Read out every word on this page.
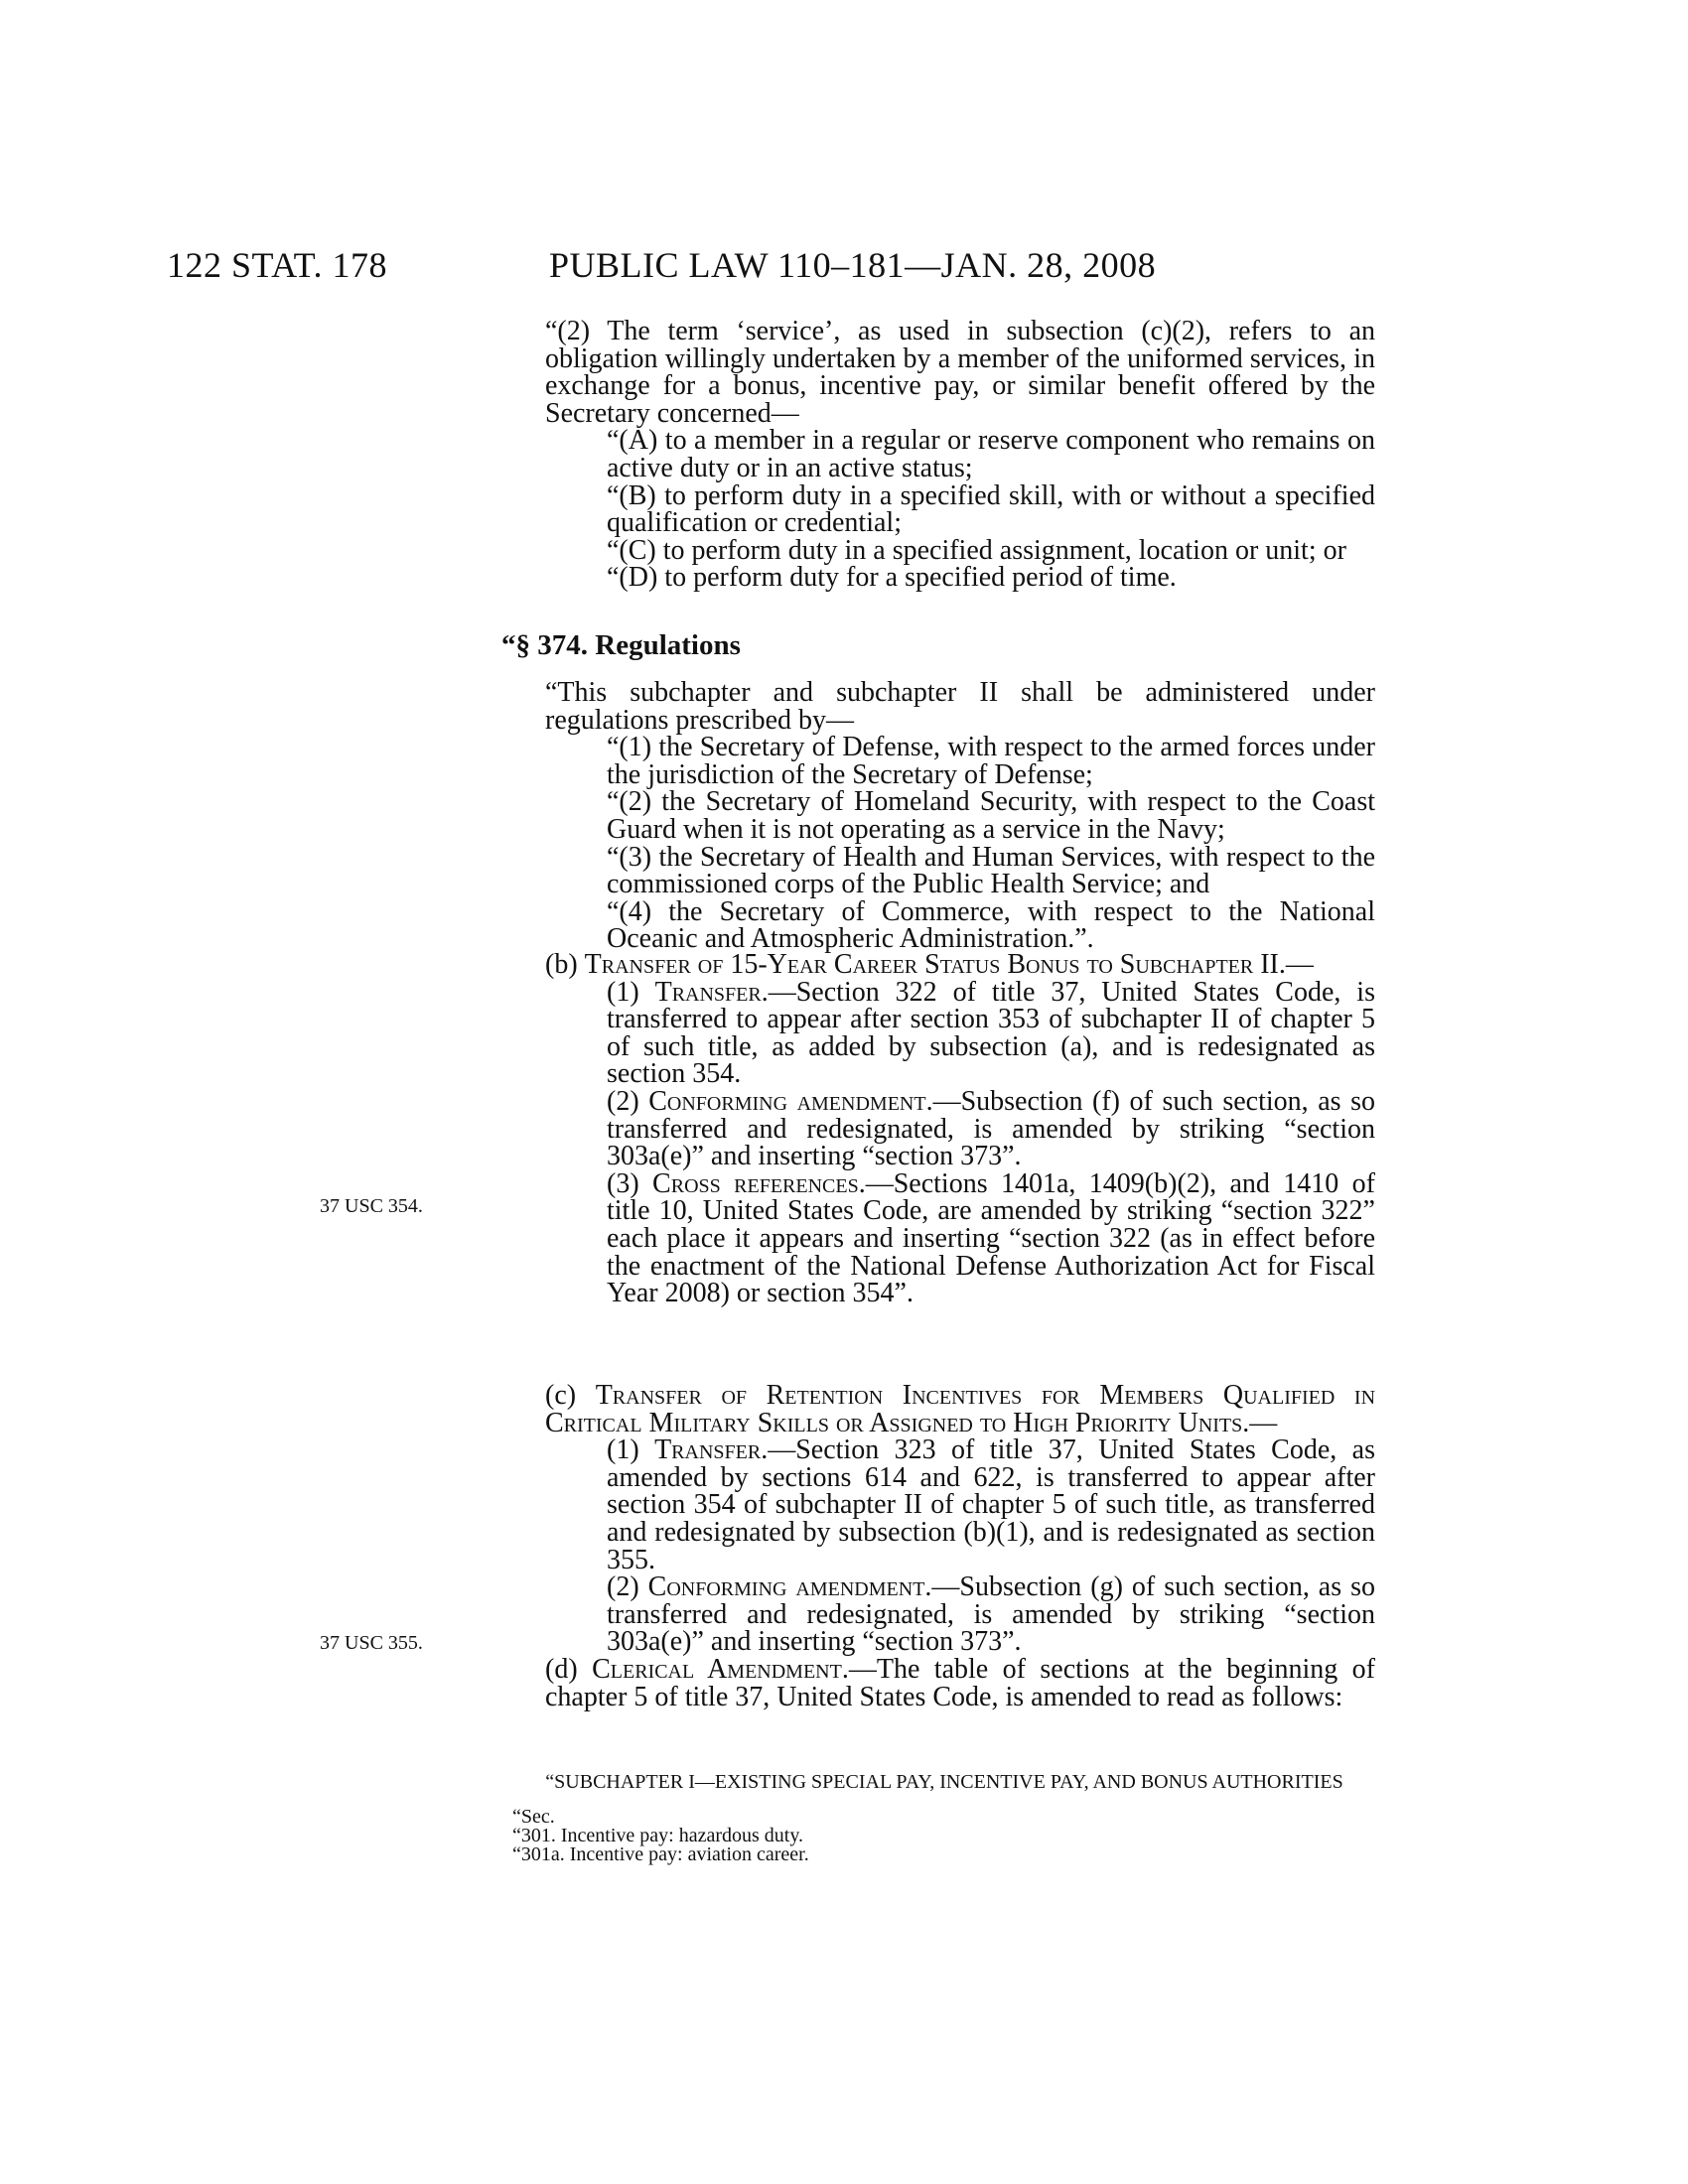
122 STAT. 178	PUBLIC LAW 110–181—JAN. 28, 2008
“(2) The term ‘service’, as used in subsection (c)(2), refers to an obligation willingly undertaken by a member of the uniformed services, in exchange for a bonus, incentive pay, or similar benefit offered by the Secretary concerned—
“(A) to a member in a regular or reserve component who remains on active duty or in an active status;
“(B) to perform duty in a specified skill, with or without a specified qualification or credential;
“(C) to perform duty in a specified assignment, location or unit; or
“(D) to perform duty for a specified period of time.
“§ 374. Regulations
“This subchapter and subchapter II shall be administered under regulations prescribed by—
“(1) the Secretary of Defense, with respect to the armed forces under the jurisdiction of the Secretary of Defense;
“(2) the Secretary of Homeland Security, with respect to the Coast Guard when it is not operating as a service in the Navy;
“(3) the Secretary of Health and Human Services, with respect to the commissioned corps of the Public Health Service; and
“(4) the Secretary of Commerce, with respect to the National Oceanic and Atmospheric Administration.”.
(b) Transfer of 15-Year Career Status Bonus to Subchapter II.—
(1) Transfer.—Section 322 of title 37, United States Code, is transferred to appear after section 353 of subchapter II of chapter 5 of such title, as added by subsection (a), and is redesignated as section 354.
(2) Conforming amendment.—Subsection (f) of such section, as so transferred and redesignated, is amended by striking “section 303a(e)” and inserting “section 373”.
(3) Cross references.—Sections 1401a, 1409(b)(2), and 1410 of title 10, United States Code, are amended by striking “section 322” each place it appears and inserting “section 322 (as in effect before the enactment of the National Defense Authorization Act for Fiscal Year 2008) or section 354”.
(c) Transfer of Retention Incentives for Members Qualified in Critical Military Skills or Assigned to High Priority Units.—
(1) Transfer.—Section 323 of title 37, United States Code, as amended by sections 614 and 622, is transferred to appear after section 354 of subchapter II of chapter 5 of such title, as transferred and redesignated by subsection (b)(1), and is redesignated as section 355.
(2) Conforming amendment.—Subsection (g) of such section, as so transferred and redesignated, is amended by striking “section 303a(e)” and inserting “section 373”.
(d) Clerical Amendment.—The table of sections at the beginning of chapter 5 of title 37, United States Code, is amended to read as follows:
37 USC 354.
37 USC 355.
“SUBCHAPTER I—EXISTING SPECIAL PAY, INCENTIVE PAY, AND BONUS AUTHORITIES
“Sec.
“301. Incentive pay: hazardous duty.
“301a. Incentive pay: aviation career.
